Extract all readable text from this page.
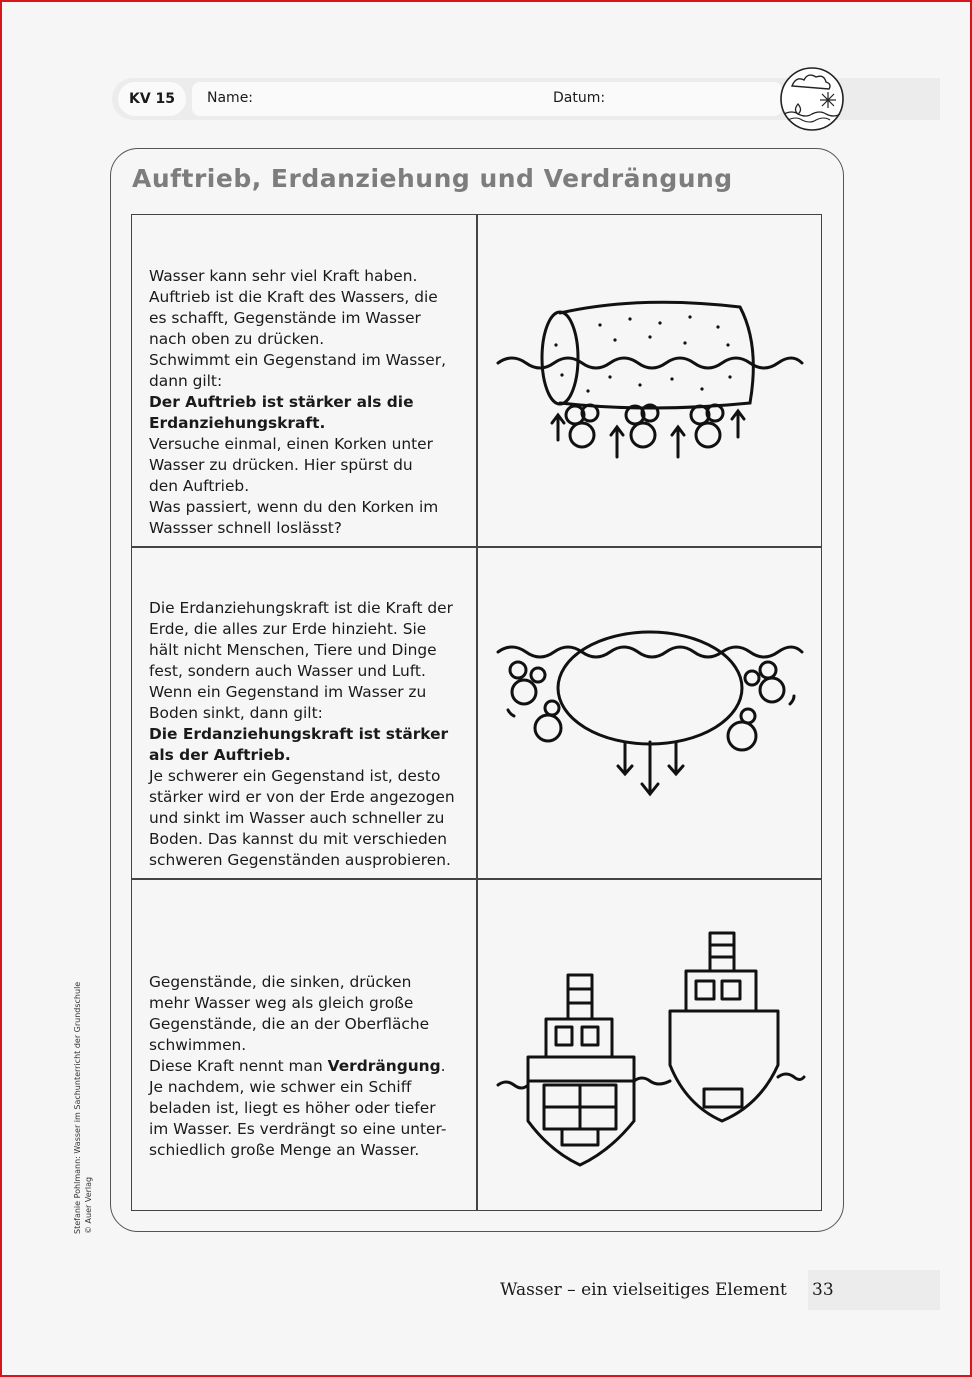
KV 15	Name:	Datum:
Auftrieb, Erdanziehung und Verdrängung

Wasser kann sehr viel Kraft haben.
Auftrieb ist die Kraft des Wassers, die
es schafft, Gegenstände im Wasser
nach oben zu drücken.
Schwimmt ein Gegenstand im Wasser,
dann gilt:
Der Auftrieb ist stärker als die
Erdanziehungskraft.
Versuche einmal, einen Korken unter
Wasser zu drücken. Hier spürst du
den Auftrieb.
Was passiert, wenn du den Korken im
Wassser schnell loslässt?

Die Erdanziehungskraft ist die Kraft der
Erde, die alles zur Erde hinzieht. Sie
hält nicht Menschen, Tiere und Dinge
fest, sondern auch Wasser und Luft.
Wenn ein Gegenstand im Wasser zu
Boden sinkt, dann gilt:
Die Erdanziehungskraft ist stärker
als der Auftrieb.
Je schwerer ein Gegenstand ist, desto
stärker wird er von der Erde angezogen
und sinkt im Wasser auch schneller zu
Boden. Das kannst du mit verschieden
schweren Gegenständen ausprobieren.

Gegenstände, die sinken, drücken
mehr Wasser weg als gleich große
Gegenstände, die an der Oberfläche
schwimmen.
Diese Kraft nennt man Verdrängung.
Je nachdem, wie schwer ein Schiff
beladen ist, liegt es höher oder tiefer
im Wasser. Es verdrängt so eine unter-
schiedlich große Menge an Wasser.

Stefanie Pohlmann: Wasser im Sachunterricht der Grundschule © Auer Verlag
Wasser – ein vielseitiges Element 33
